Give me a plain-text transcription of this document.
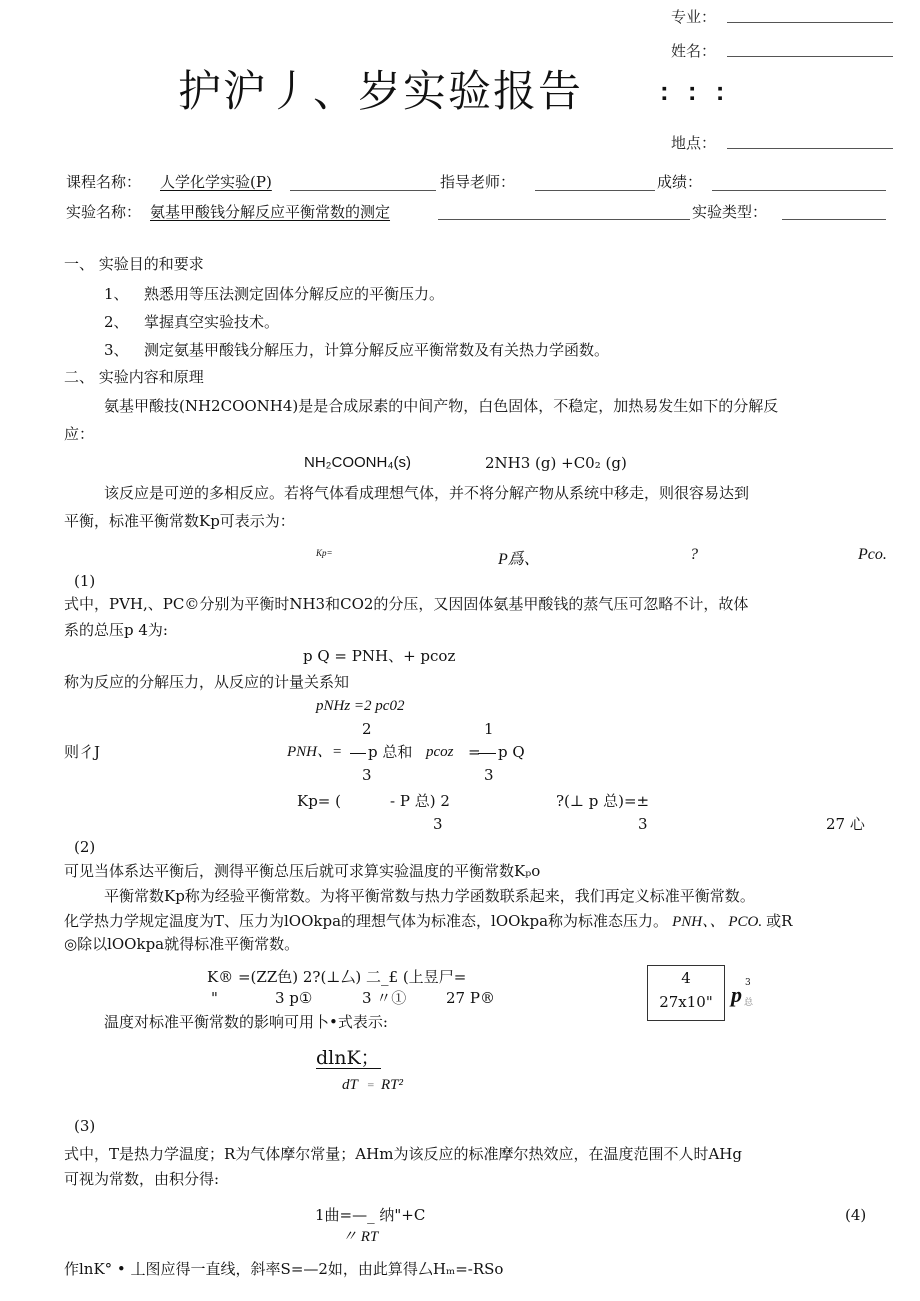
专业：
姓名：
护沪丿、岁实验报告	: : :
地点：
课程名称： 人学化学实验(P)	指导老师：	成绩：
实验名称： 氨基甲酸钱分解反应平衡常数的测定	实验类型：
一、 实验目的和要求
1、 熟悉用等压法测定固体分解反应的平衡压力。
2、 掌握真空实验技术。
3、 测定氨基甲酸钱分解压力，计算分解反应平衡常数及有关热力学函数。
二、 实验内容和原理
氨基甲酸技(NH2COONH4)是是合成尿素的中间产物，白色固体，不稳定，加热易发生如下的分解反
应：
NH₂COONH₄(s)	2NH3 (g) +C0₂ (g)
该反应是可逆的多相反应。若将气体看成理想气体，并不将分解产物从系统中移走，则很容易达到
平衡，标准平衡常数Kp可表示为：
Kp=	P爲、	?	Pco.
(1)
式中，PVH,、PC©分别为平衡时NH3和CO2的分压，又因固体氨基甲酸钱的蒸气压可忽略不计，故体
系的总压p 4为:
p Q = PNH、+ pcoz
称为反应的分解压力，从反应的计量关系知
pNHz =2 pc02
则彳J
2
PNH、= p 总和 pcoz =
1
p Q
3	3
Kp= (	- P 总) 2	?(⊥ p 总)=±
3	3	27 心
(2)
可见当体系达平衡后，测得平衡总压后就可求算实验温度的平衡常数Kₚo
平衡常数Kp称为经验平衡常数。为将平衡常数与热力学函数联系起来，我们再定义标准平衡常数。
化学热力学规定温度为T、压力为lOOkpa的理想气体为标准态，lOOkpa称为标准态压力。 PNH、、 PCO. 或R
◎除以lOOkpa就得标准平衡常数。
K® =(ZZ色) 2?(⊥厶) 二_£ (上昱尸=
"	3 p①	3 〃①	27 P®
4
27x10" p 3
总
温度对标准平衡常数的影响可用卜•式表示:
dlnK；
dT = RT²
(3)
式中，T是热力学温度；R为气体摩尔常量；AHm为该反应的标准摩尔热效应，在温度范围不人时AHg
可视为常数，由积分得:
1曲=—_ 纳"+C
〃 RT
(4)
作lnK° • 丄图应得一直线，斜率S=—2如，由此算得厶Hₘ=-RSo
